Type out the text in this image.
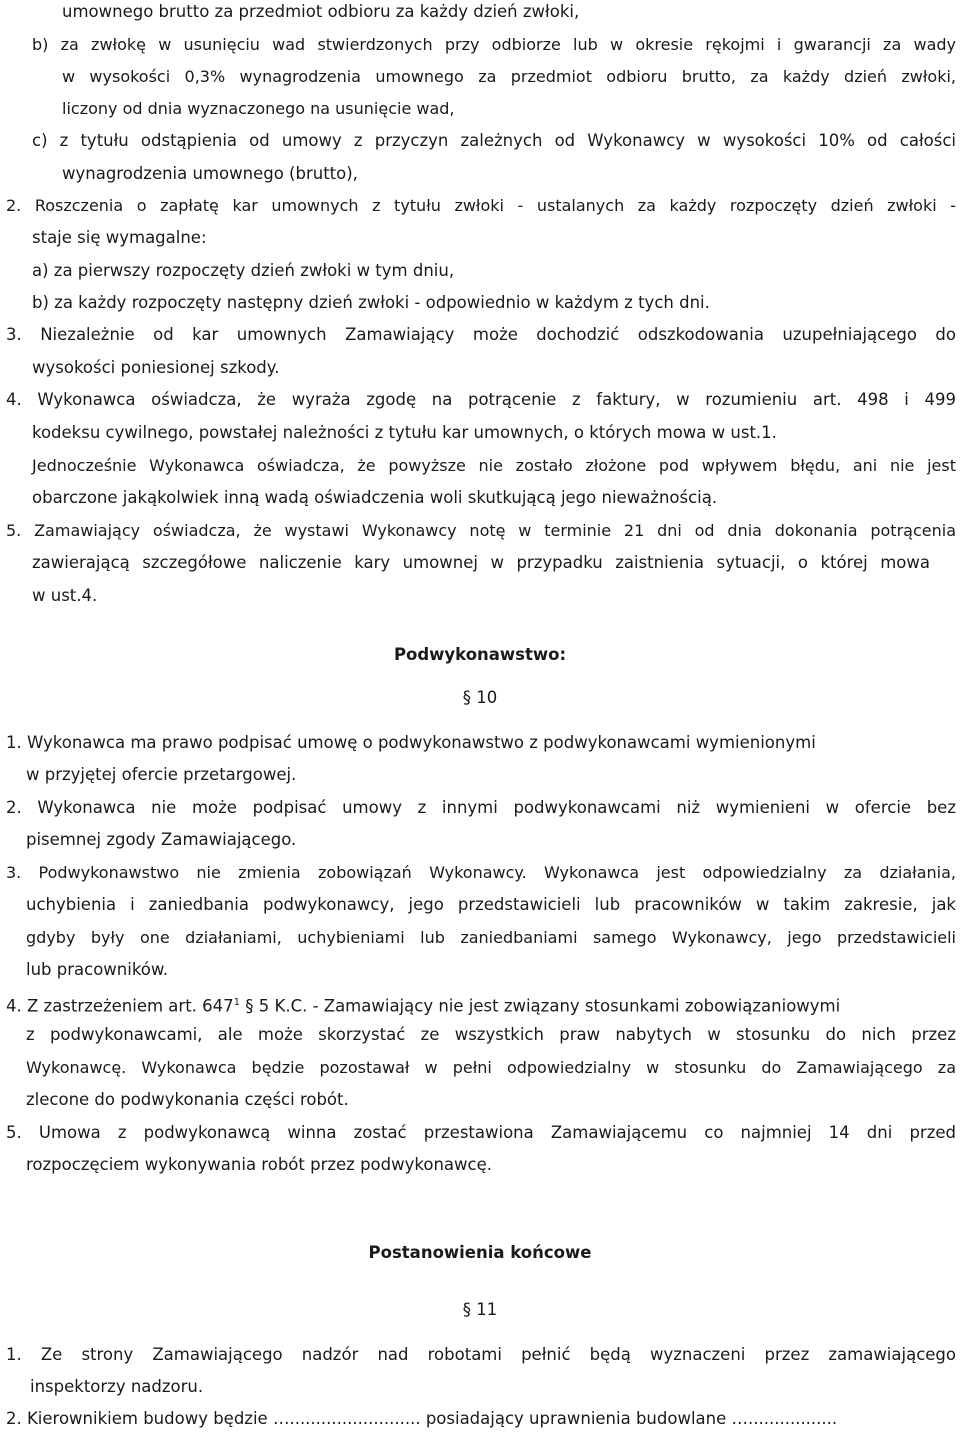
umownego brutto za przedmiot odbioru za każdy dzień zwłoki,
b) za zwłokę w usunięciu wad stwierdzonych przy odbiorze lub w okresie rękojmi i gwarancji za wady
w wysokości 0,3% wynagrodzenia umownego za przedmiot odbioru brutto, za każdy dzień zwłoki,
liczony od dnia wyznaczonego na usunięcie wad,
c) z tytułu odstąpienia od umowy z przyczyn zależnych od Wykonawcy w wysokości 10% od całości
wynagrodzenia umownego (brutto),
2. Roszczenia o zapłatę kar umownych z tytułu zwłoki - ustalanych za każdy rozpoczęty dzień zwłoki -
staje się wymagalne:
a) za pierwszy rozpoczęty dzień zwłoki w tym dniu,
b) za każdy rozpoczęty następny dzień zwłoki - odpowiednio w każdym z tych dni.
3. Niezależnie od kar umownych Zamawiający może dochodzić odszkodowania uzupełniającego do
wysokości poniesionej szkody.
4. Wykonawca oświadcza, że wyraża zgodę na potrącenie z faktury, w rozumieniu art. 498 i 499
kodeksu cywilnego, powstałej należności z tytułu kar umownych, o których mowa w ust.1.
Jednocześnie Wykonawca oświadcza, że powyższe nie zostało złożone pod wpływem błędu, ani nie jest
obarczone jakąkolwiek inną wadą oświadczenia woli skutkującą jego nieważnością.
5. Zamawiający oświadcza, że wystawi Wykonawcy notę w terminie 21 dni od dnia dokonania potrącenia
zawierającą szczegółowe naliczenie kary umownej w przypadku zaistnienia sytuacji, o której mowa
w ust.4.
Podwykonawstwo:
§ 10
1. Wykonawca ma prawo podpisać umowę o podwykonawstwo z podwykonawcami wymienionymi
w przyjętej ofercie przetargowej.
2. Wykonawca nie może podpisać umowy z innymi podwykonawcami niż wymienieni w ofercie bez
pisemnej zgody Zamawiającego.
3. Podwykonawstwo nie zmienia zobowiązań Wykonawcy. Wykonawca jest odpowiedzialny za działania,
uchybienia i zaniedbania podwykonawcy, jego przedstawicieli lub pracowników w takim zakresie, jak
gdyby były one działaniami, uchybieniami lub zaniedbaniami samego Wykonawcy, jego przedstawicieli
lub pracowników.
4. Z zastrzeżeniem art. $647^1$ § 5 K.C. - Zamawiający nie jest związany stosunkami zobowiązaniowymi
z podwykonawcami, ale może skorzystać ze wszystkich praw nabytych w stosunku do nich przez
Wykonawcę. Wykonawca będzie pozostawał w pełni odpowiedzialny w stosunku do Zamawiającego za
zlecone do podwykonania części robót.
5. Umowa z podwykonawcą winna zostać przestawiona Zamawiającemu co najmniej 14 dni przed
rozpoczęciem wykonywania robót przez podwykonawcę.
Postanowienia końcowe
§ 11
1. Ze strony Zamawiającego nadzór nad robotami pełnić będą wyznaczeni przez zamawiającego
inspektorzy nadzoru.
2. Kierownikiem budowy będzie …......................... posiadający uprawnienia budowlane ….................
